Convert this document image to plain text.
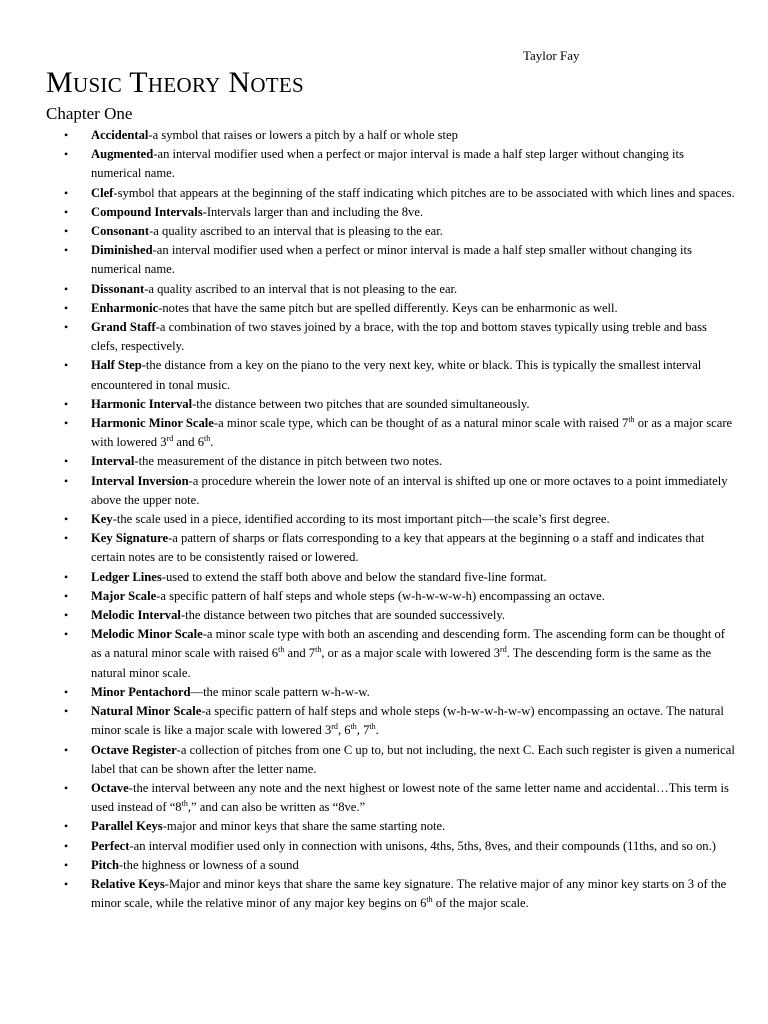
Taylor Fay
Music Theory Notes
Chapter One
• Accidental-a symbol that raises or lowers a pitch by a half or whole step
• Augmented-an interval modifier used when a perfect or major interval is made a half step larger without changing its numerical name.
• Clef-symbol that appears at the beginning of the staff indicating which pitches are to be associated with which lines and spaces.
• Compound Intervals-Intervals larger than and including the 8ve.
• Consonant-a quality ascribed to an interval that is pleasing to the ear.
• Diminished-an interval modifier used when a perfect or minor interval is made a half step smaller without changing its numerical name.
• Dissonant-a quality ascribed to an interval that is not pleasing to the ear.
• Enharmonic-notes that have the same pitch but are spelled differently. Keys can be enharmonic as well.
• Grand Staff-a combination of two staves joined by a brace, with the top and bottom staves typically using treble and bass clefs, respectively.
• Half Step-the distance from a key on the piano to the very next key, white or black. This is typically the smallest interval encountered in tonal music.
• Harmonic Interval-the distance between two pitches that are sounded simultaneously.
• Harmonic Minor Scale-a minor scale type, which can be thought of as a natural minor scale with raised 7th or as a major scare with lowered 3rd and 6th.
• Interval-the measurement of the distance in pitch between two notes.
• Interval Inversion-a procedure wherein the lower note of an interval is shifted up one or more octaves to a point immediately above the upper note.
• Key-the scale used in a piece, identified according to its most important pitch—the scale’s first degree.
• Key Signature-a pattern of sharps or flats corresponding to a key that appears at the beginning o a staff and indicates that certain notes are to be consistently raised or lowered.
• Ledger Lines-used to extend the staff both above and below the standard five-line format.
• Major Scale-a specific pattern of half steps and whole steps (w-h-w-w-w-h) encompassing an octave.
• Melodic Interval-the distance between two pitches that are sounded successively.
• Melodic Minor Scale-a minor scale type with both an ascending and descending form. The ascending form can be thought of as a natural minor scale with raised 6th and 7th, or as a major scale with lowered 3rd. The descending form is the same as the natural minor scale.
• Minor Pentachord—the minor scale pattern w-h-w-w.
• Natural Minor Scale-a specific pattern of half steps and whole steps (w-h-w-w-h-w-w) encompassing an octave. The natural minor scale is like a major scale with lowered 3rd, 6th, 7th.
• Octave Register-a collection of pitches from one C up to, but not including, the next C. Each such register is given a numerical label that can be shown after the letter name.
• Octave-the interval between any note and the next highest or lowest note of the same letter name and accidental…This term is used instead of “8th,” and can also be written as “8ve.”
• Parallel Keys-major and minor keys that share the same starting note.
• Perfect-an interval modifier used only in connection with unisons, 4ths, 5ths, 8ves, and their compounds (11ths, and so on.)
• Pitch-the highness or lowness of a sound
• Relative Keys-Major and minor keys that share the same key signature. The relative major of any minor key starts on 3 of the minor scale, while the relative minor of any major key begins on 6th of the major scale.
